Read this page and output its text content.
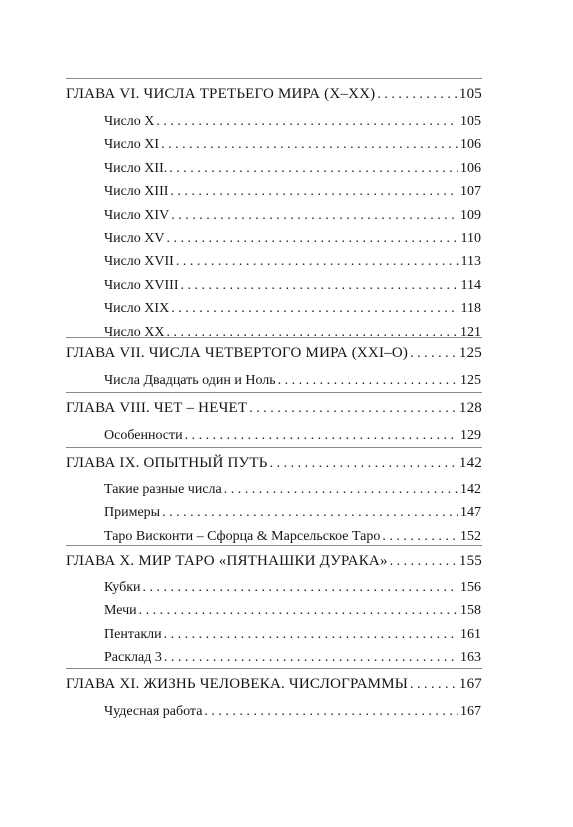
ГЛАВА VI. ЧИСЛА ТРЕТЬЕГО МИРА (X–XX) . . .	105
Число X . . .	105
Число XI . . .	106
Число XII. . . .	106
Число XIII . . .	107
Число XIV . . .	109
Число XV . . .	110
Число XVII . . .	113
Число XVIII . . .	114
Число XIX . . .	118
Число XX . . .	121
ГЛАВА VII. ЧИСЛА ЧЕТВЕРТОГО МИРА (XXI–O) . . .	125
Числа Двадцать один и Ноль . . .	125
ГЛАВА VIII. ЧЕТ – НЕЧЕТ . . .	128
Особенности . . .	129
ГЛАВА IX. ОПЫТНЫЙ ПУТЬ . . .	142
Такие разные числа . . .	142
Примеры . . .	147
Таро Висконти – Сфорца & Марсельское Таро . . .	152
ГЛАВА X. МИР ТАРО «ПЯТНАШКИ ДУРАКА» . . .	155
Кубки . . .	156
Мечи . . .	158
Пентакли . . .	161
Расклад 3 . . .	163
ГЛАВА XI. ЖИЗНЬ ЧЕЛОВЕКА. ЧИСЛОГРАММЫ . . .	167
Чудесная работа . . .	167
